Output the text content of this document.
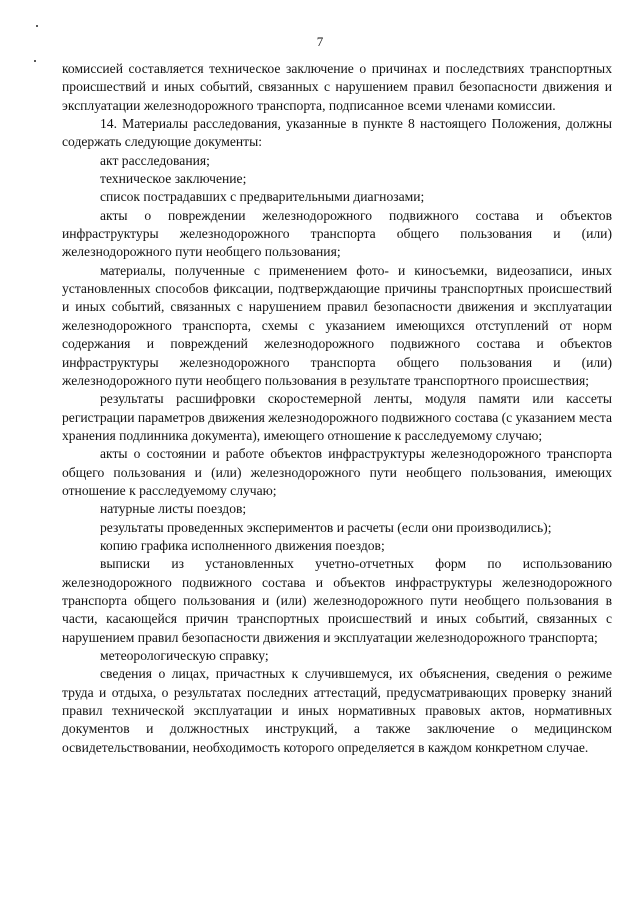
7

комиссией составляется техническое заключение о причинах и последствиях транспортных происшествий и иных событий, связанных с нарушением правил безопасности движения и эксплуатации железнодорожного транспорта, подписанное всеми членами комиссии.

14. Материалы расследования, указанные в пункте 8 настоящего Положения, должны содержать следующие документы:

акт расследования;

техническое заключение;

список пострадавших с предварительными диагнозами;

акты о повреждении железнодорожного подвижного состава и объектов инфраструктуры железнодорожного транспорта общего пользования и (или) железнодорожного пути необщего пользования;

материалы, полученные с применением фото- и киносъемки, видеозаписи, иных установленных способов фиксации, подтверждающие причины транспортных происшествий и иных событий, связанных с нарушением правил безопасности движения и эксплуатации железнодорожного транспорта, схемы с указанием имеющихся отступлений от норм содержания и повреждений железнодорожного подвижного состава и объектов инфраструктуры железнодорожного транспорта общего пользования и (или) железнодорожного пути необщего пользования в результате транспортного происшествия;

результаты расшифровки скоростемерной ленты, модуля памяти или кассеты регистрации параметров движения железнодорожного подвижного состава (с указанием места хранения подлинника документа), имеющего отношение к расследуемому случаю;

акты о состоянии и работе объектов инфраструктуры железнодорожного транспорта общего пользования и (или) железнодорожного пути необщего пользования, имеющих отношение к расследуемому случаю;

натурные листы поездов;

результаты проведенных экспериментов и расчеты (если они производились);

копию графика исполненного движения поездов;

выписки из установленных учетно-отчетных форм по использованию железнодорожного подвижного состава и объектов инфраструктуры железнодорожного транспорта общего пользования и (или) железнодорожного пути необщего пользования в части, касающейся причин транспортных происшествий и иных событий, связанных с нарушением правил безопасности движения и эксплуатации железнодорожного транспорта;

метеорологическую справку;

сведения о лицах, причастных к случившемуся, их объяснения, сведения о режиме труда и отдыха, о результатах последних аттестаций, предусматривающих проверку знаний правил технической эксплуатации и иных нормативных правовых актов, нормативных документов и должностных инструкций, а также заключение о медицинском освидетельствовании, необходимость которого определяется в каждом конкретном случае.
